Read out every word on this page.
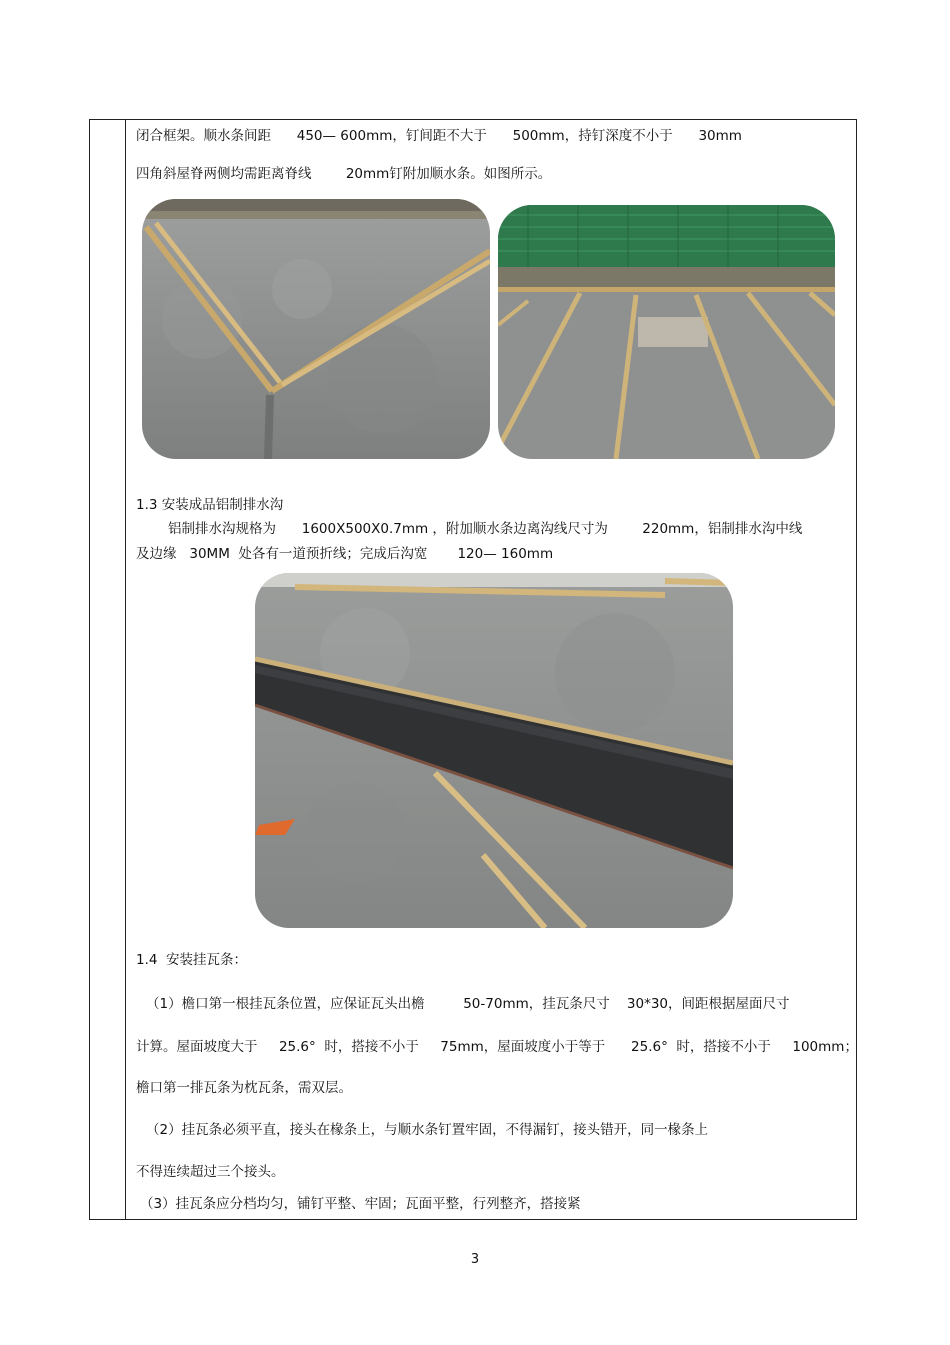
闭合框架。顺水条间距      450— 600mm，钉间距不大于      500mm，持钉深度不小于      30mm
四角斜屋脊两侧均需距离脊线        20mm钉附加顺水条。如图所示。
1.3 安装成品铝制排水沟
铝制排水沟规格为      1600X500X0.7mm ，附加顺水条边离沟线尺寸为        220mm，铝制排水沟中线
及边缘   30MM  处各有一道预折线；完成后沟宽       120— 160mm
1.4  安装挂瓦条：
（1）檐口第一根挂瓦条位置，应保证瓦头出檐         50-70mm，挂瓦条尺寸    30*30，间距根据屋面尺寸
计算。屋面坡度大于     25.6°  时，搭接不小于     75mm，屋面坡度小于等于      25.6°  时，搭接不小于     100mm；
檐口第一排瓦条为枕瓦条，需双层。
（2）挂瓦条必须平直，接头在椽条上，与顺水条钉置牢固，不得漏钉，接头错开，同一椽条上
不得连续超过三个接头。
（3）挂瓦条应分档均匀，铺钉平整、牢固；瓦面平整，行列整齐，搭接紧
3
